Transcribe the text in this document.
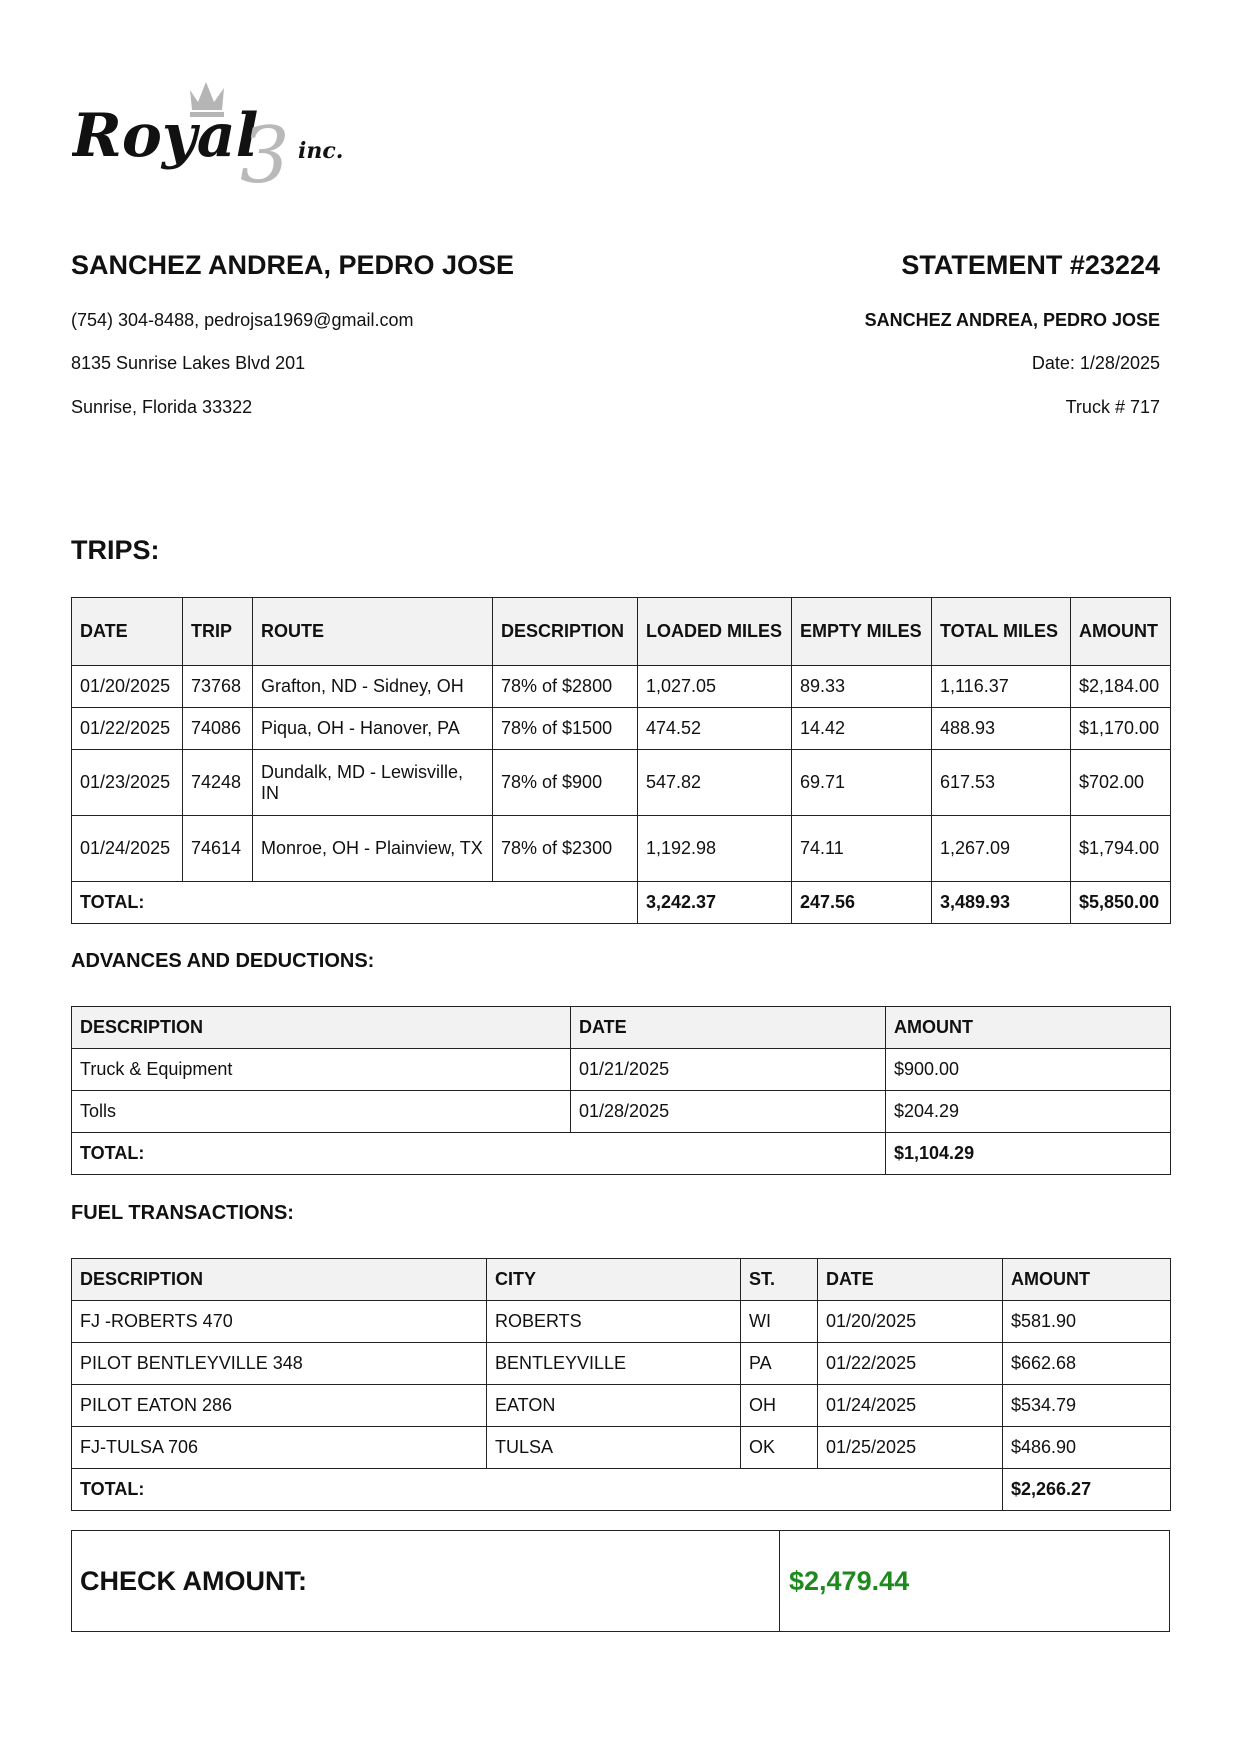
Royal
3 inc.
SANCHEZ ANDREA, PEDRO JOSE
(754) 304-8488, pedrojsa1969@gmail.com
8135 Sunrise Lakes Blvd 201
Sunrise, Florida 33322
STATEMENT #23224
SANCHEZ ANDREA, PEDRO JOSE
Date: 1/28/2025
Truck # 717
TRIPS:
DATE	TRIP	ROUTE	DESCRIPTION	LOADED MILES	EMPTY MILES	TOTAL MILES	AMOUNT
01/20/2025	73768	Grafton, ND - Sidney, OH	78% of $2800	1,027.05	89.33	1,116.37	$2,184.00
01/22/2025	74086	Piqua, OH - Hanover, PA	78% of $1500	474.52	14.42	488.93	$1,170.00
01/23/2025	74248	Dundalk, MD - Lewisville, IN	78% of $900	547.82	69.71	617.53	$702.00
01/24/2025	74614	Monroe, OH - Plainview, TX	78% of $2300	1,192.98	74.11	1,267.09	$1,794.00
TOTAL:				3,242.37	247.56	3,489.93	$5,850.00
ADVANCES AND DEDUCTIONS:
DESCRIPTION	DATE	AMOUNT
Truck & Equipment	01/21/2025	$900.00
Tolls	01/28/2025	$204.29
TOTAL:		$1,104.29
FUEL TRANSACTIONS:
DESCRIPTION	CITY	ST.	DATE	AMOUNT
FJ -ROBERTS 470	ROBERTS	WI	01/20/2025	$581.90
PILOT BENTLEYVILLE 348	BENTLEYVILLE	PA	01/22/2025	$662.68
PILOT EATON 286	EATON	OH	01/24/2025	$534.79
FJ-TULSA 706	TULSA	OK	01/25/2025	$486.90
TOTAL:				$2,266.27
CHECK AMOUNT:	$2,479.44
